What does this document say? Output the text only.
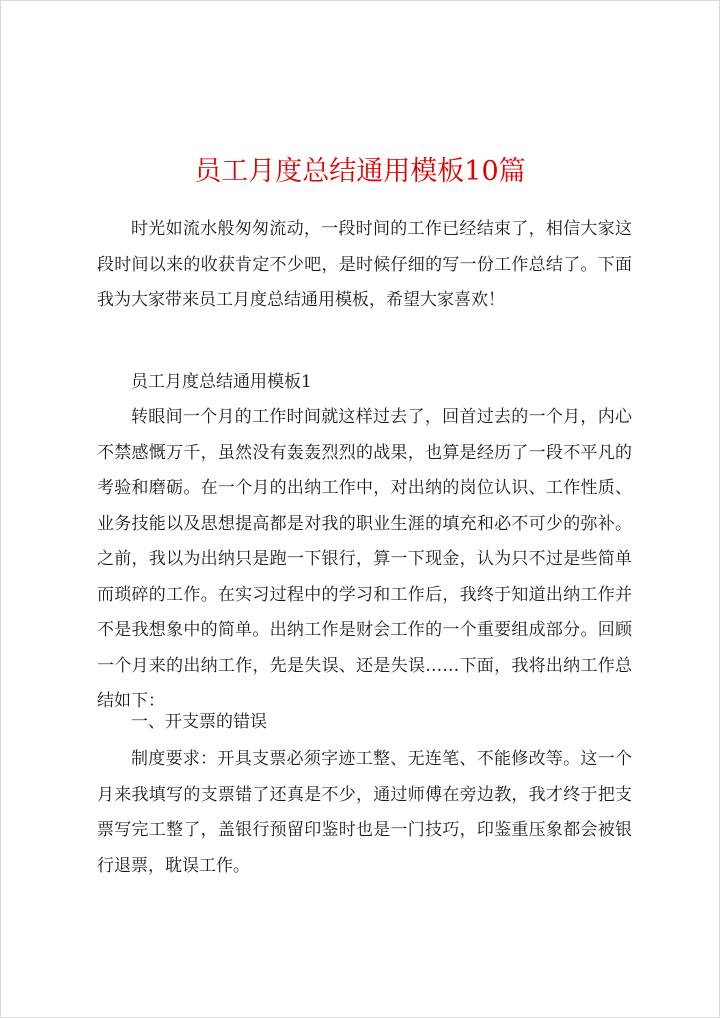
员工月度总结通用模板10篇

时光如流水般匆匆流动，一段时间的工作已经结束了，相信大家这段时间以来的收获肯定不少吧，是时候仔细的写一份工作总结了。下面我为大家带来员工月度总结通用模板，希望大家喜欢！

员工月度总结通用模板1

转眼间一个月的工作时间就这样过去了，回首过去的一个月，内心不禁感慨万千，虽然没有轰轰烈烈的战果，也算是经历了一段不平凡的考验和磨砺。在一个月的出纳工作中，对出纳的岗位认识、工作性质、业务技能以及思想提高都是对我的职业生涯的填充和必不可少的弥补。之前，我以为出纳只是跑一下银行，算一下现金，认为只不过是些简单而琐碎的工作。在实习过程中的学习和工作后，我终于知道出纳工作并不是我想象中的简单。出纳工作是财会工作的一个重要组成部分。回顾一个月来的出纳工作，先是失误、还是失误……下面，我将出纳工作总结如下：

一、开支票的错误

制度要求：开具支票必须字迹工整、无连笔、不能修改等。这一个月来我填写的支票错了还真是不少，通过师傅在旁边教，我才终于把支票写完工整了，盖银行预留印鉴时也是一门技巧，印鉴重压象都会被银行退票，耽误工作。
